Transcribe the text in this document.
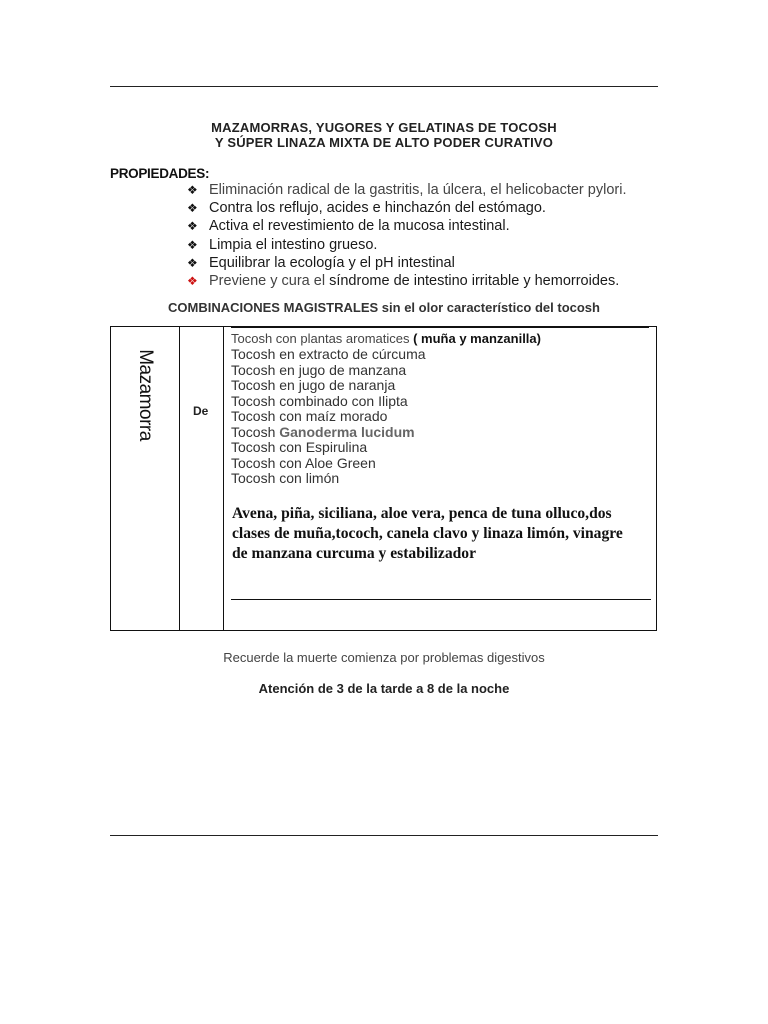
MAZAMORRAS, YUGORES Y GELATINAS DE TOCOSH
Y SÚPER LINAZA MIXTA DE ALTO PODER CURATIVO
PROPIEDADES:
❖ Eliminación radical de la gastritis, la úlcera, el helicobacter pylori.
❖ Contra los reflujo, acides e hinchazón del estómago.
❖ Activa el revestimiento de la mucosa intestinal.
❖ Limpia el intestino grueso.
❖ Equilibrar la ecología y el pH intestinal
❖ Previene y cura el síndrome de intestino irritable y hemorroides.
COMBINACIONES MAGISTRALES sin el olor característico del tocosh
Mazamorra	De
Tocosh con plantas aromatices ( muña y manzanilla)
Tocosh en extracto de cúrcuma
Tocosh en jugo de manzana
Tocosh en jugo de naranja
Tocosh combinado con Ilipta
Tocosh con maíz morado
Tocosh Ganoderma lucidum
Tocosh con Espirulina
Tocosh con Aloe Green
Tocosh con limón
Avena, piña, siciliana, aloe vera, penca de tuna olluco,dos clases de muña,tococh, canela clavo y linaza limón, vinagre de manzana curcuma y estabilizador
Recuerde la muerte comienza por problemas digestivos
Atención de 3 de la tarde a 8 de la noche
